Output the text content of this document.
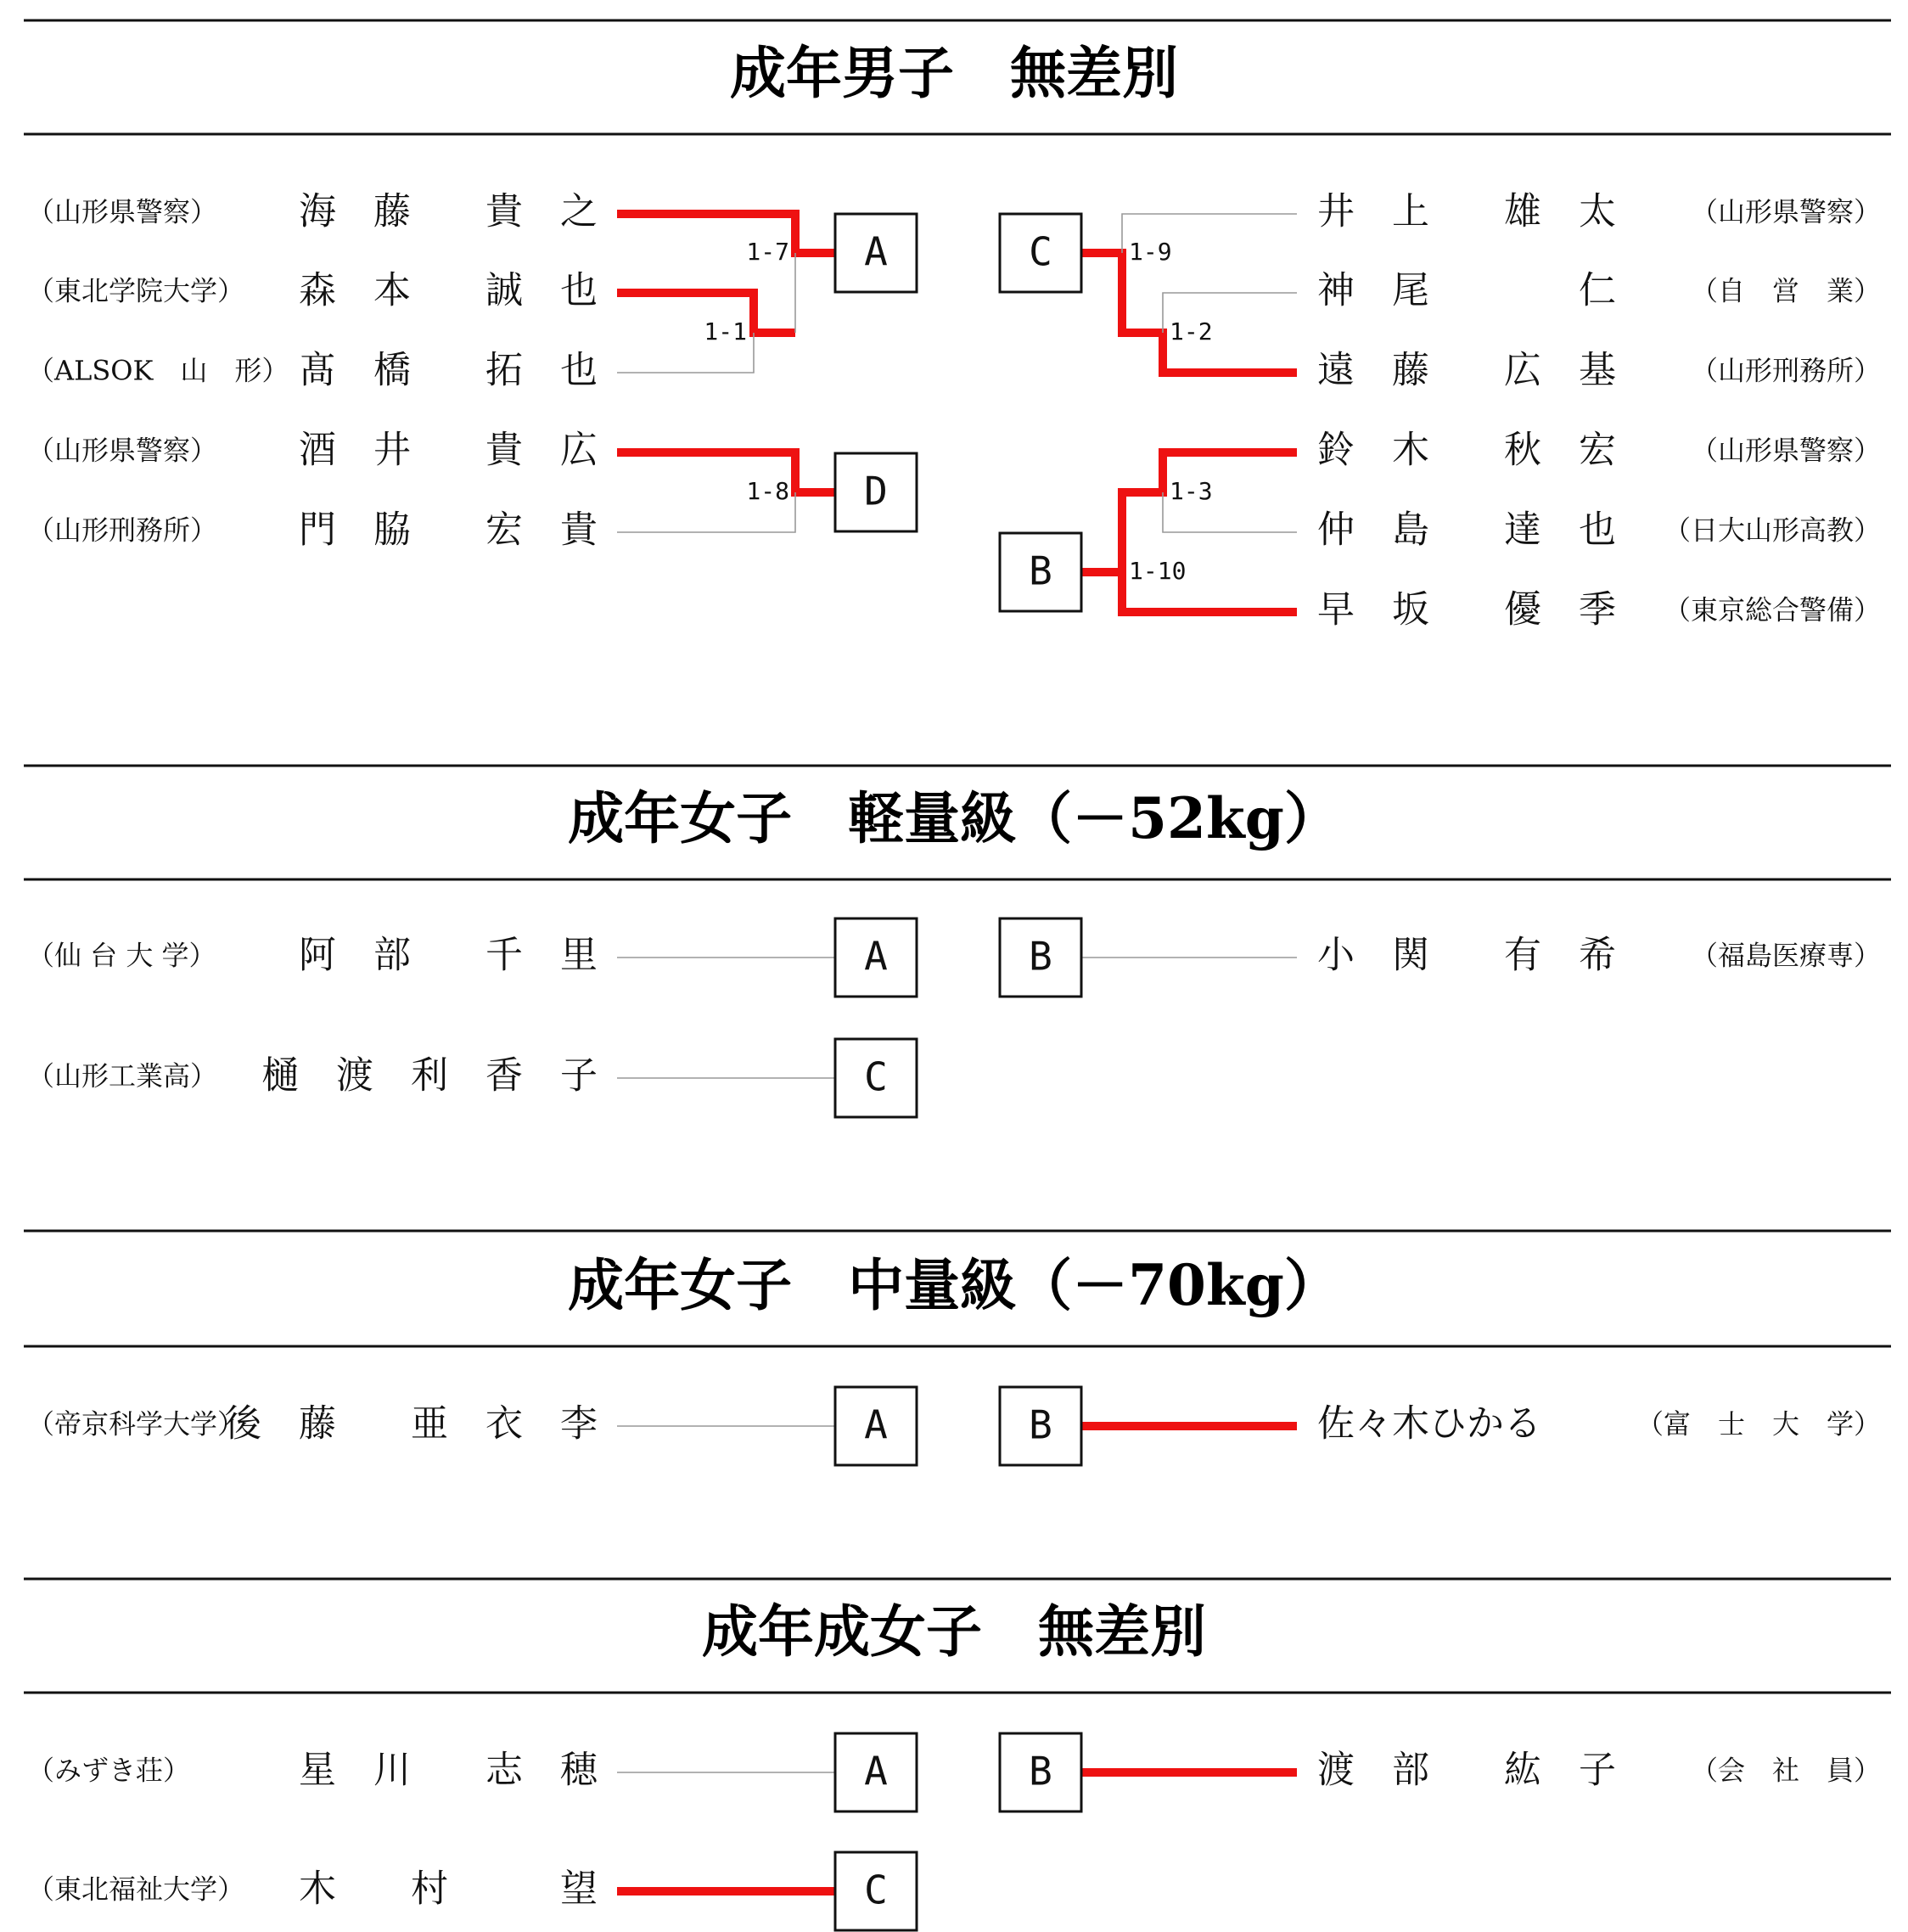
成年男子　無差別
（山形県警察） 海　藤　　貴　之
（東北学院大学） 森　本　　誠　也
（ALSOK　山　形） 髙　橋　　拓　也
（山形県警察） 酒　井　　貴　広
（山形刑務所） 門　脇　　宏　貴
井　上　　雄　太	（山形県警察）
神　尾　　　　仁	（自　営　業）
遠　藤　　広　基	（山形刑務所）
鈴　木　　秋　宏	（山形県警察）
仲　島　　達　也 （日大山形高教）
早　坂　　優　季 （東京総合警備）
A
D
1-7
1-1
1-8
C
B
1-9
1-2
1-3
1-10
成年女子　軽量級（－52kg）
（仙 台 大 学） 阿　部　　千　里
（山形工業高） 樋　渡　利　香　子
小　関　　有　希	（福島医療専）
A	B
C
成年女子　中量級（－70kg）
（帝京科学大学）
後　藤　　亜　衣　李	佐々木ひかる	（富　士　大　学）
A	B
成年成女子　無差別
（みずき荘）	星　川　　志　穂
（東北福祉大学） 木　　村　　　望
渡　部　　紘　子	（会　社　員）
A	B
C
